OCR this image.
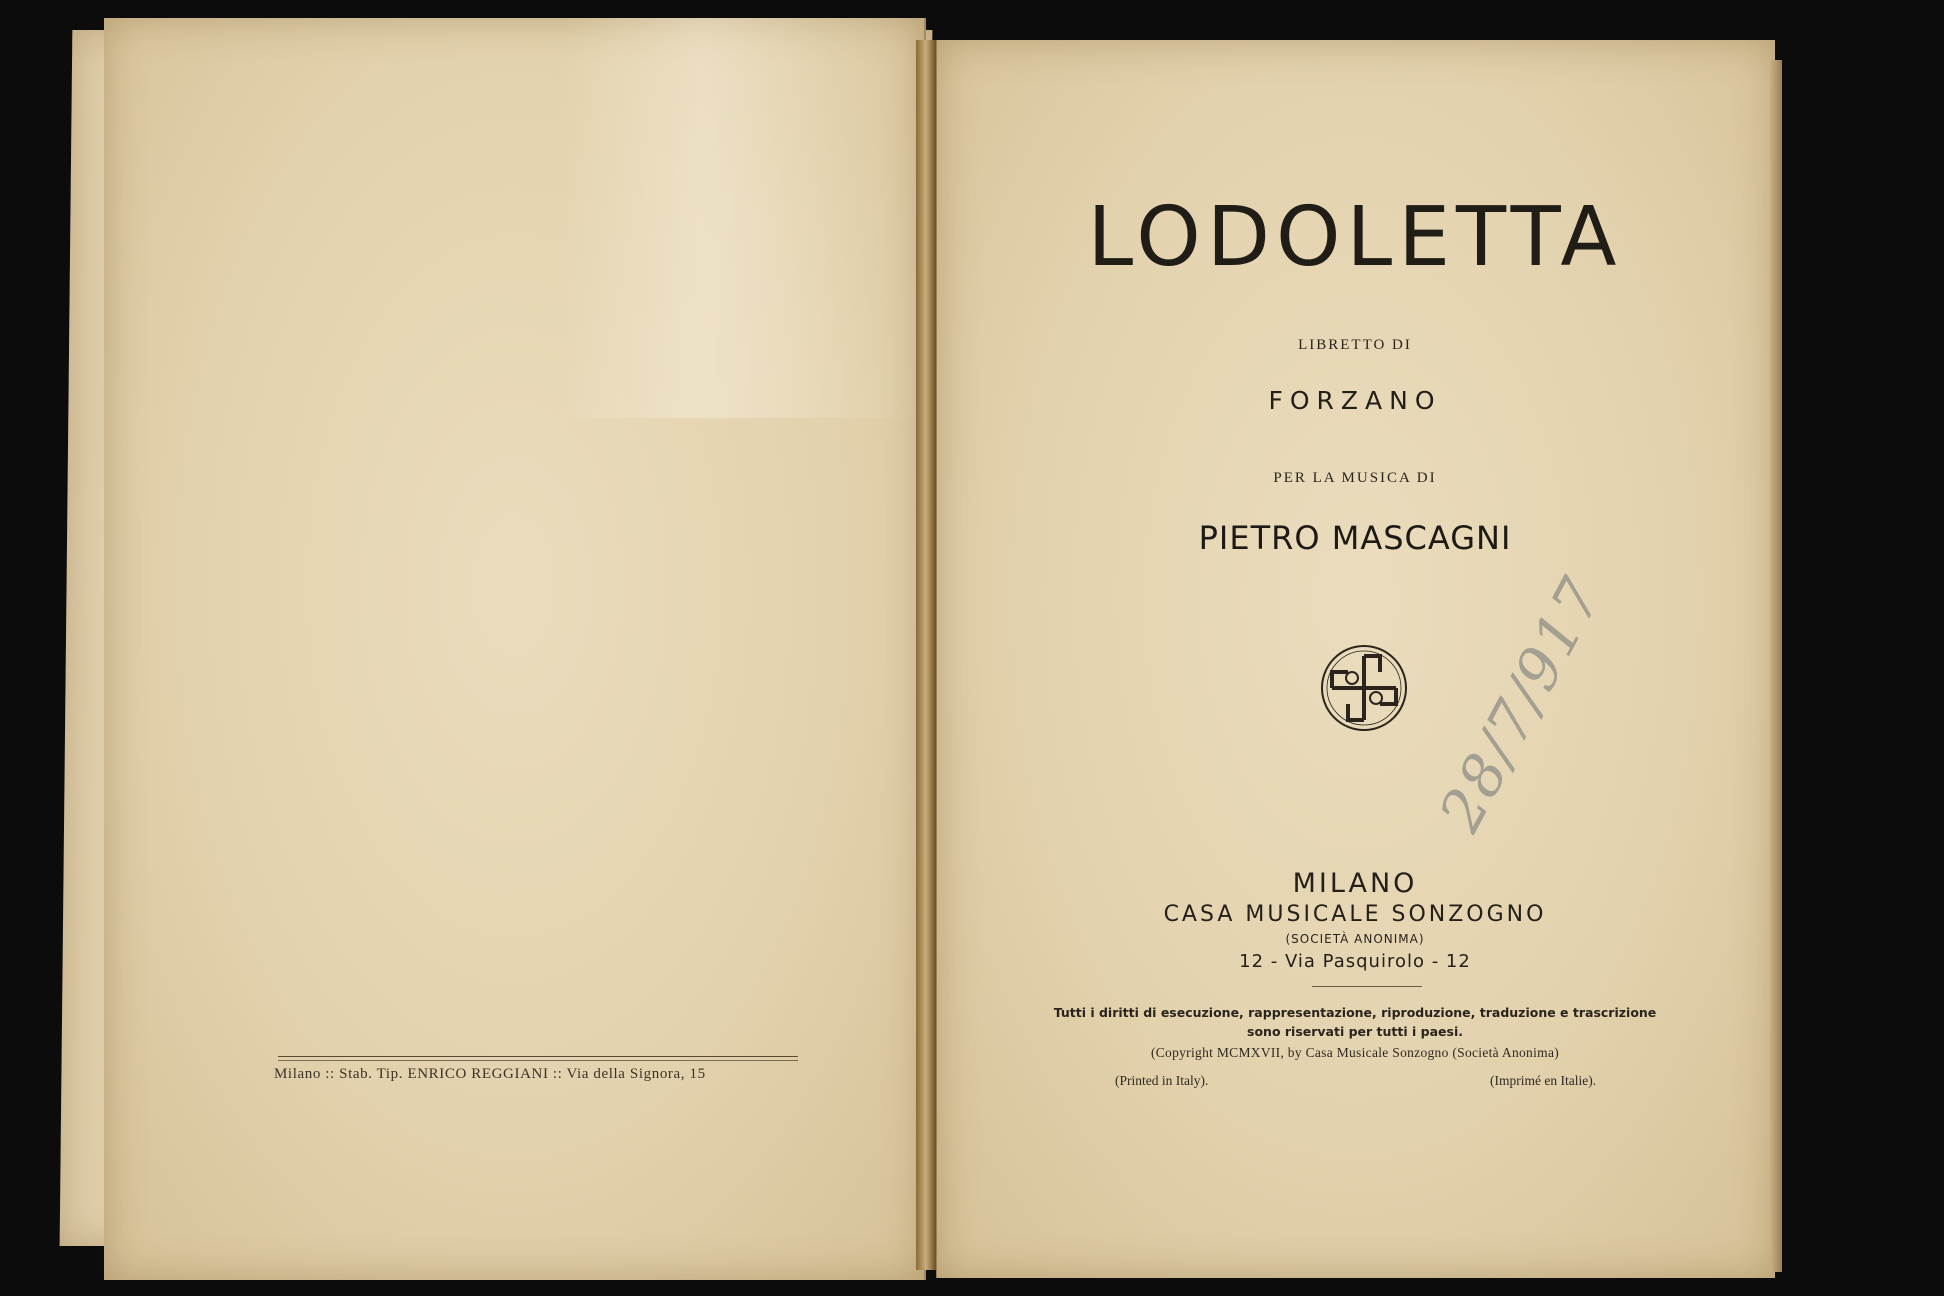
Milano :: Stab. Tip. ENRICO REGGIANI :: Via della Signora, 15
LODOLETTA
LIBRETTO DI
FORZANO
PER LA MUSICA DI
PIETRO MASCAGNI
28/7/917
MILANO
CASA MUSICALE SONZOGNO
(SOCIETÀ ANONIMA)
12 - Via Pasquirolo - 12
Tutti i diritti di esecuzione, rappresentazione, riproduzione, traduzione e trascrizione
sono riservati per tutti i paesi.
(Copyright MCMXVII, by Casa Musicale Sonzogno (Società Anonima)
(Printed in Italy).	(Imprimé en Italie).
